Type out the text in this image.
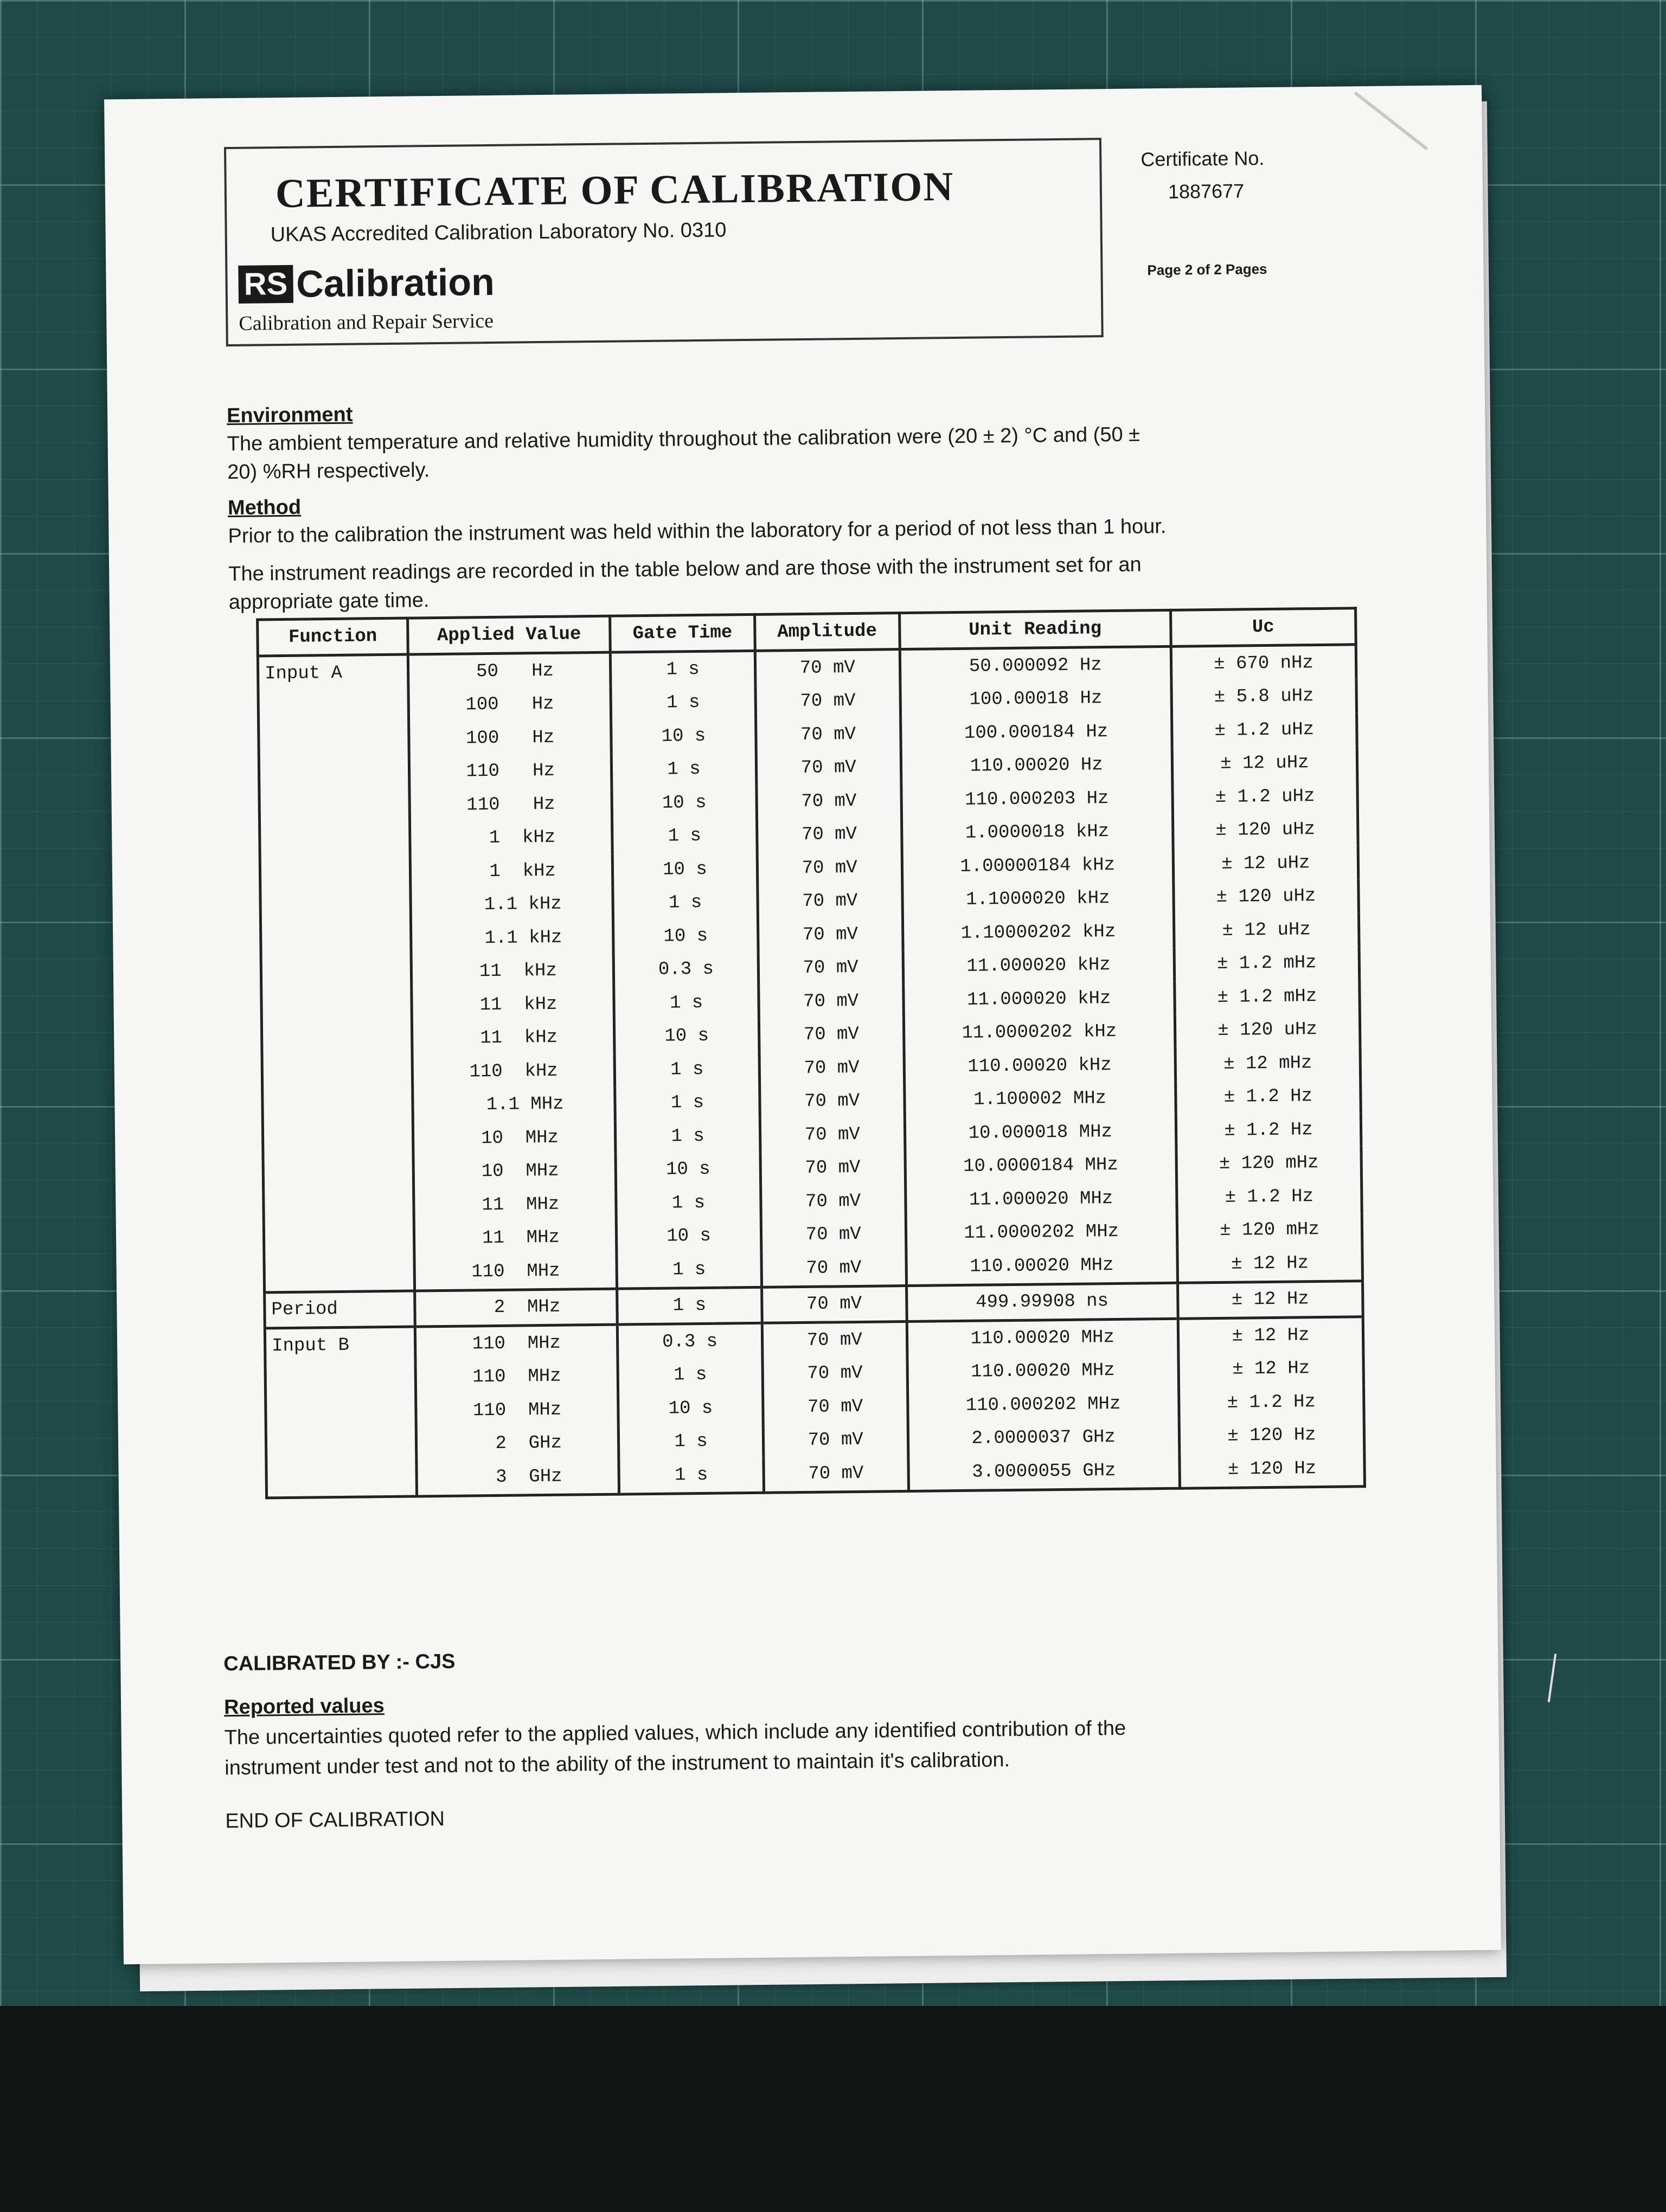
CERTIFICATE OF CALIBRATION
UKAS Accredited Calibration Laboratory No. 0310
RS Calibration
Calibration and Repair Service
Certificate No.
1887677
Page 2 of 2 Pages
Environment
The ambient temperature and relative humidity throughout the calibration were (20 ± 2) °C and (50 ± 20) %RH respectively.
Method
Prior to the calibration the instrument was held within the laboratory for a period of not less than 1 hour.
The instrument readings are recorded in the table below and are those with the instrument set for an appropriate gate time.
Function	Applied Value	Gate Time	Amplitude	Unit Reading	Uc
Input A	50   Hz	1 s	70 mV	50.000092 Hz	± 670 nHz
	100   Hz	1 s	70 mV	100.00018 Hz	± 5.8 uHz
	100   Hz	10 s	70 mV	100.000184 Hz	± 1.2 uHz
	110   Hz	1 s	70 mV	110.00020 Hz	± 12 uHz
	110   Hz	10 s	70 mV	110.000203 Hz	± 1.2 uHz
	1  kHz	1 s	70 mV	1.0000018 kHz	± 120 uHz
	1  kHz	10 s	70 mV	1.00000184 kHz	± 12 uHz
	1.1 kHz	1 s	70 mV	1.1000020 kHz	± 120 uHz
	1.1 kHz	10 s	70 mV	1.10000202 kHz	± 12 uHz
	11  kHz	0.3 s	70 mV	11.000020 kHz	± 1.2 mHz
	11  kHz	1 s	70 mV	11.000020 kHz	± 1.2 mHz
	11  kHz	10 s	70 mV	11.0000202 kHz	± 120 uHz
	110  kHz	1 s	70 mV	110.00020 kHz	± 12 mHz
	1.1 MHz	1 s	70 mV	1.100002 MHz	± 1.2 Hz
	10  MHz	1 s	70 mV	10.000018 MHz	± 1.2 Hz
	10  MHz	10 s	70 mV	10.0000184 MHz	± 120 mHz
	11  MHz	1 s	70 mV	11.000020 MHz	± 1.2 Hz
	11  MHz	10 s	70 mV	11.0000202 MHz	± 120 mHz
	110  MHz	1 s	70 mV	110.00020 MHz	± 12 Hz
Period	2  MHz	1 s	70 mV	499.99908 ns	± 12 Hz
Input B	110  MHz	0.3 s	70 mV	110.00020 MHz	± 12 Hz
	110  MHz	1 s	70 mV	110.00020 MHz	± 12 Hz
	110  MHz	10 s	70 mV	110.000202 MHz	± 1.2 Hz
	2  GHz	1 s	70 mV	2.0000037 GHz	± 120 Hz
	3  GHz	1 s	70 mV	3.0000055 GHz	± 120 Hz
CALIBRATED BY :- CJS
Reported values
The uncertainties quoted refer to the applied values, which include any identified contribution of the instrument under test and not to the ability of the instrument to maintain it's calibration.
END OF CALIBRATION
